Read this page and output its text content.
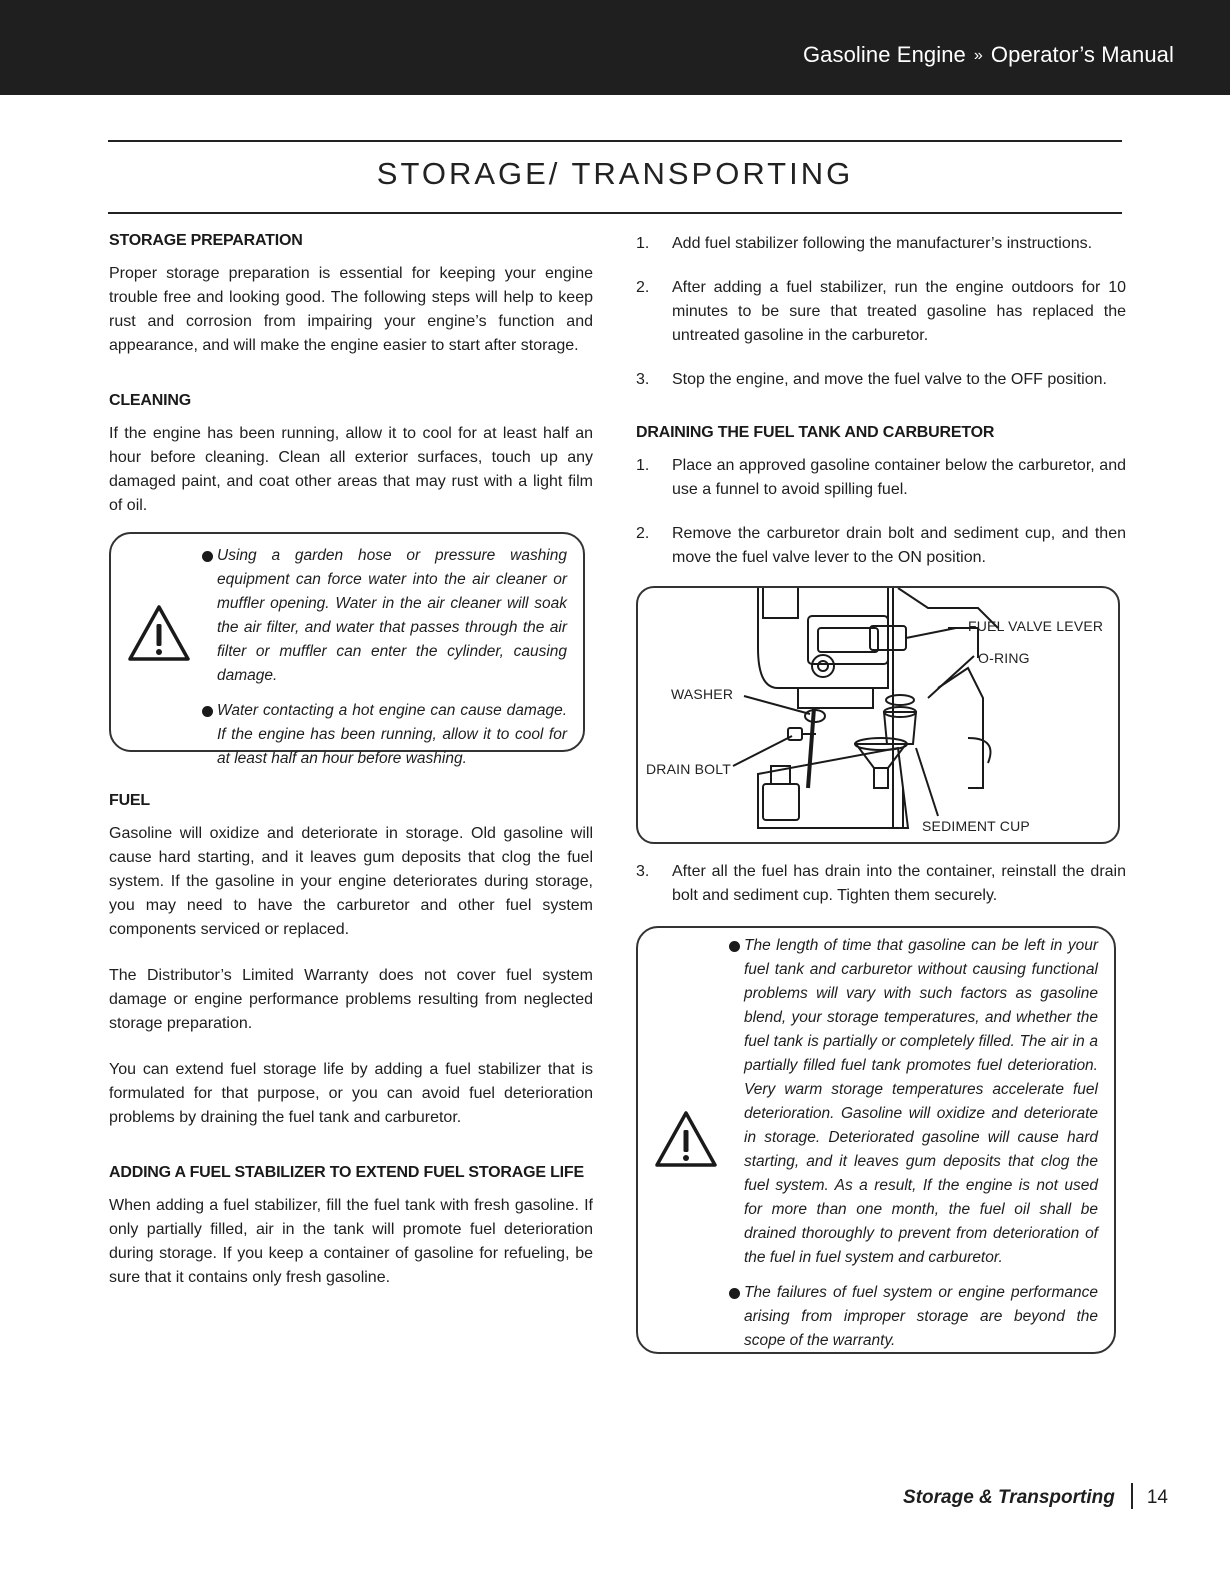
Gasoline Engine » Operator’s Manual
STORAGE/ TRANSPORTING
STORAGE PREPARATION

Proper storage preparation is essential for keeping your engine trouble free and looking good. The following steps will help to keep rust and corrosion from impairing your engine’s function and appearance, and will make the engine easier to start after storage.

CLEANING

If the engine has been running, allow it to cool for at least half an hour before cleaning. Clean all exterior surfaces, touch up any damaged paint, and coat other areas that may rust with a light film of oil.

Using a garden hose or pressure washing equipment can force water into the air cleaner or muffler opening. Water in the air cleaner will soak the air filter, and water that passes through the air filter or muffler can enter the cylinder, causing damage.
Water contacting a hot engine can cause damage. If the engine has been running, allow it to cool for at least half an hour before washing.
FUEL

Gasoline will oxidize and deteriorate in storage. Old gasoline will cause hard starting, and it leaves gum deposits that clog the fuel system. If the gasoline in your engine deteriorates during storage, you may need to have the carburetor and other fuel system components serviced or replaced.

The Distributor’s Limited Warranty does not cover fuel system damage or engine performance problems resulting from neglected storage preparation.

You can extend fuel storage life by adding a fuel stabilizer that is formulated for that purpose, or you can avoid fuel deterioration problems by draining the fuel tank and carburetor.

ADDING A FUEL STABILIZER TO EXTEND FUEL STORAGE LIFE

When adding a fuel stabilizer, fill the fuel tank with fresh gasoline. If only partially filled, air in the tank will promote fuel deterioration during storage. If you keep a container of gasoline for refueling, be sure that it contains only fresh gasoline.

1.	Add fuel stabilizer following the manufacturer’s instructions.
2.	After adding a fuel stabilizer, run the engine outdoors for 10 minutes to be sure that treated gasoline has replaced the untreated gasoline in the carburetor.
3.	Stop the engine, and move the fuel valve to the OFF position.
DRAINING THE FUEL TANK AND CARBURETOR
1.	Place an approved gasoline container below the carburetor, and use a funnel to avoid spilling fuel.
2.	Remove the carburetor drain bolt and sediment cup, and then move the fuel valve lever to the ON position.
FUEL VALVE LEVER
O-RING
WASHER
DRAIN BOLT
SEDIMENT CUP
3.	After all the fuel has drain into the container, reinstall the drain bolt and sediment cup. Tighten them securely.
The length of time that gasoline can be left in your fuel tank and carburetor without causing functional problems will vary with such factors as gasoline blend, your storage temperatures, and whether the fuel tank is partially or completely filled. The air in a partially filled fuel tank promotes fuel deterioration. Very warm storage temperatures accelerate fuel deterioration. Gasoline will oxidize and deteriorate in storage. Deteriorated gasoline will cause hard starting, and it leaves gum deposits that clog the fuel system. As a result, If the engine is not used for more than one month, the fuel oil shall be drained thoroughly to prevent from deterioration of the fuel in fuel system and carburetor.
The failures of fuel system or engine performance arising from improper storage are beyond the scope of the warranty.
Storage & Transporting 14
